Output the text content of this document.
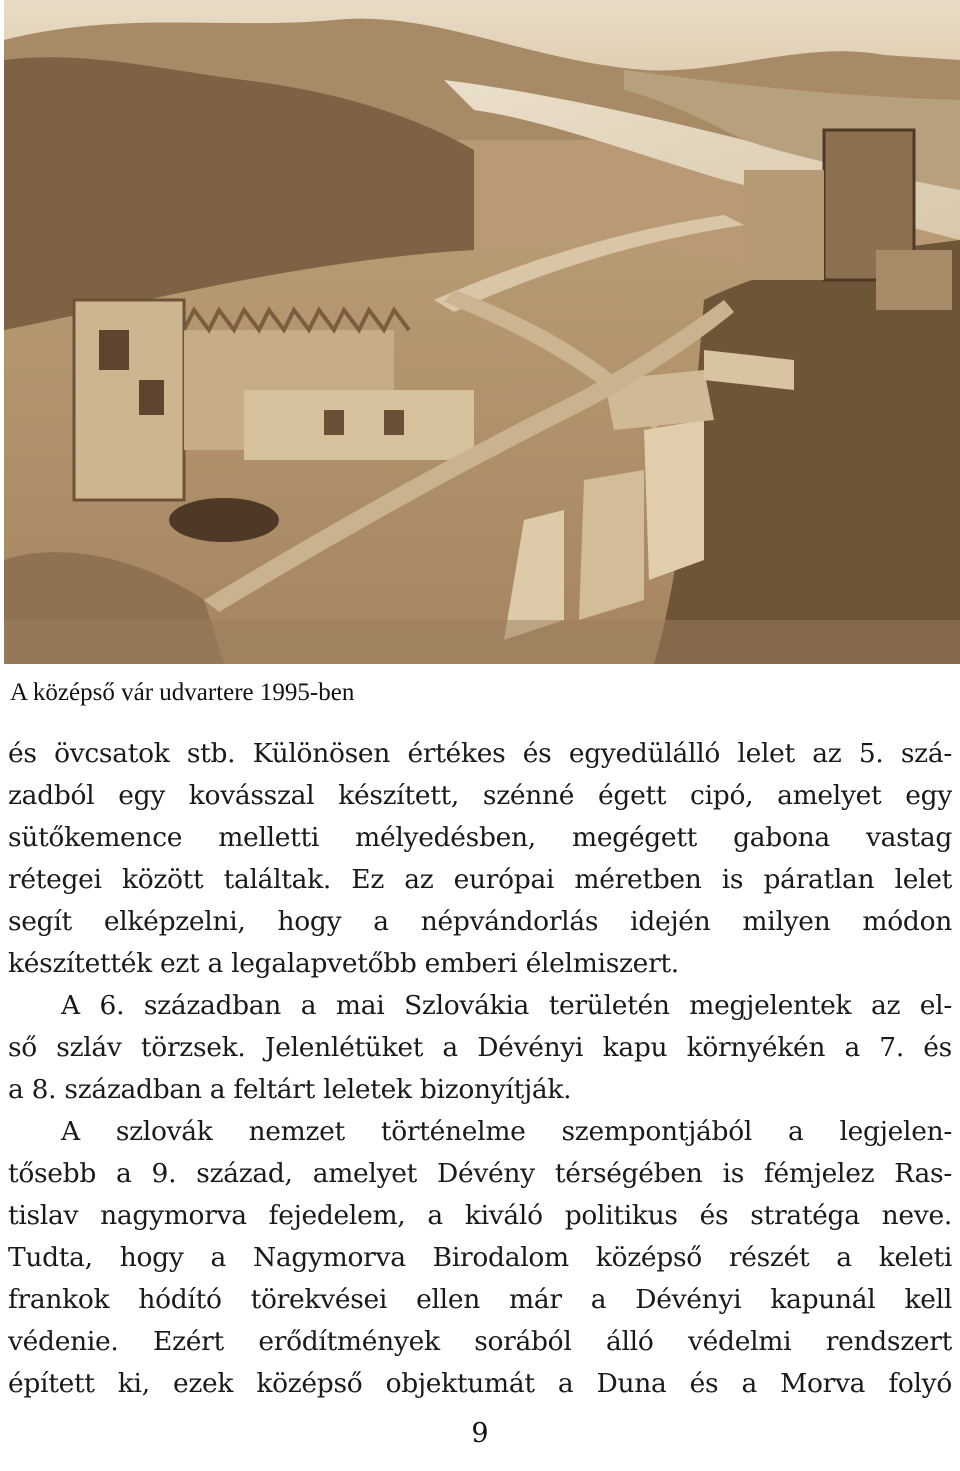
A középső vár udvartere 1995-ben
és övcsatok stb. Különösen értékes és egyedülálló lelet az 5. szá-
zadból egy kovásszal készített, szénné égett cipó, amelyet egy
sütőkemence melletti mélyedésben, megégett gabona vastag
rétegei között találtak. Ez az európai méretben is páratlan lelet
segít elképzelni, hogy a népvándorlás idején milyen módon
készítették ezt a legalapvetőbb emberi élelmiszert.
A 6. században a mai Szlovákia területén megjelentek az el-
ső szláv törzsek. Jelenlétüket a Dévényi kapu környékén a 7. és
a 8. században a feltárt leletek bizonyítják.
A szlovák nemzet történelme szempontjából a legjelen-
tősebb a 9. század, amelyet Dévény térségében is fémjelez Ras-
tislav nagymorva fejedelem, a kiváló politikus és stratéga neve.
Tudta, hogy a Nagymorva Birodalom középső részét a keleti
frankok hódító törekvései ellen már a Dévényi kapunál kell
védenie. Ezért erődítmények sorából álló védelmi rendszert
épített ki, ezek középső objektumát a Duna és a Morva folyó
9
